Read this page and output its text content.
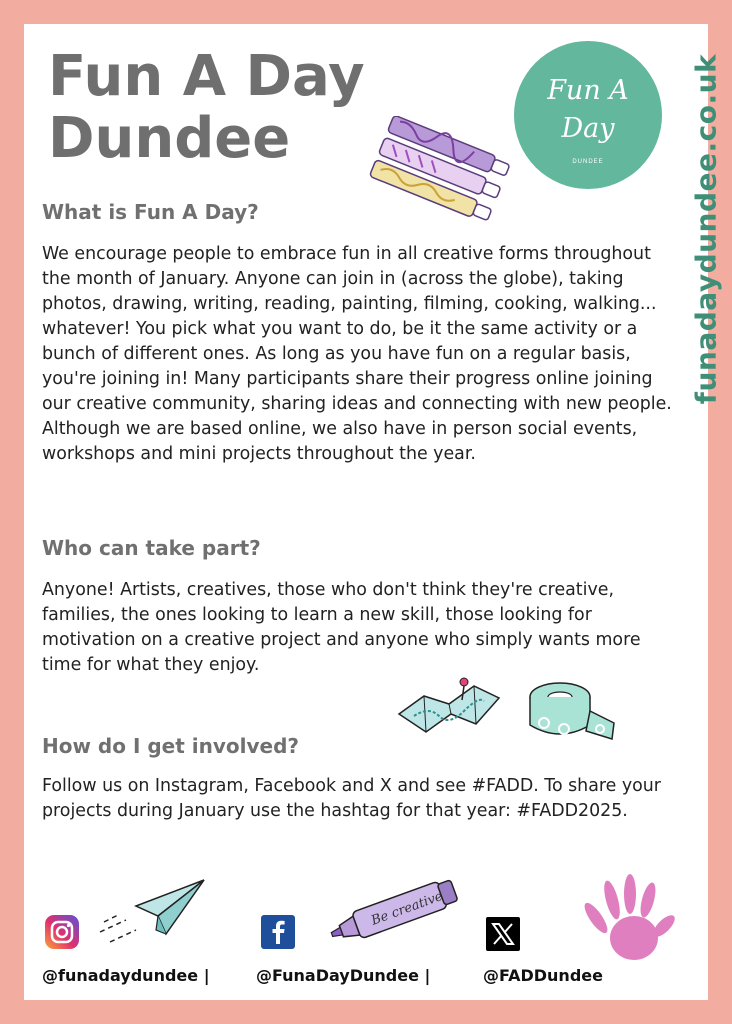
Fun A Day
Dundee
Fun A
Day
DUNDEE	funadaydundee.co.uk
What is Fun A Day?

We encourage people to embrace fun in all creative forms throughout the month of January. Anyone can join in (across the globe), taking photos, drawing, writing, reading, painting, filming, cooking, walking... whatever! You pick what you want to do, be it the same activity or a bunch of different ones. As long as you have fun on a regular basis, you're joining in! Many participants share their progress online joining our creative community, sharing ideas and connecting with new people. Although we are based online, we also have in person social events, workshops and mini projects throughout the year.

Who can take part?

Anyone! Artists, creatives, those who don't think they're creative, families, the ones looking to learn a new skill, those looking for motivation on a creative project and anyone who simply wants more time for what they enjoy.

How do I get involved?

Follow us on Instagram, Facebook and X and see #FADD. To share your projects during January use the hashtag for that year: #FADD2025.

Be creative

@funadaydundee |	@FunaDayDundee |	@FADDundee
